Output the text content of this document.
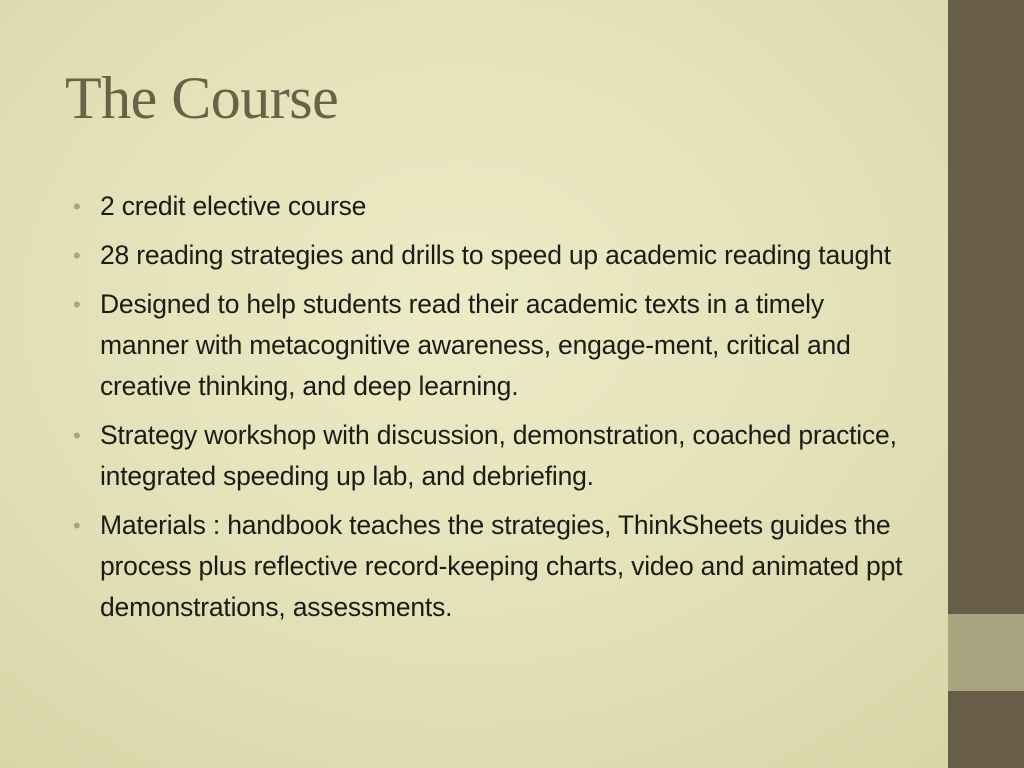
The Course
• 2 credit elective course
• 28 reading strategies and drills to speed up academic reading taught
• Designed to help students read their academic texts in a timely manner with metacognitive awareness, engage-ment, critical and creative thinking, and deep learning.
• Strategy workshop with discussion, demonstration, coached practice, integrated speeding up lab, and debriefing.
• Materials : handbook teaches the strategies, ThinkSheets guides the process plus reflective record-keeping charts, video and animated ppt demonstrations, assessments.
